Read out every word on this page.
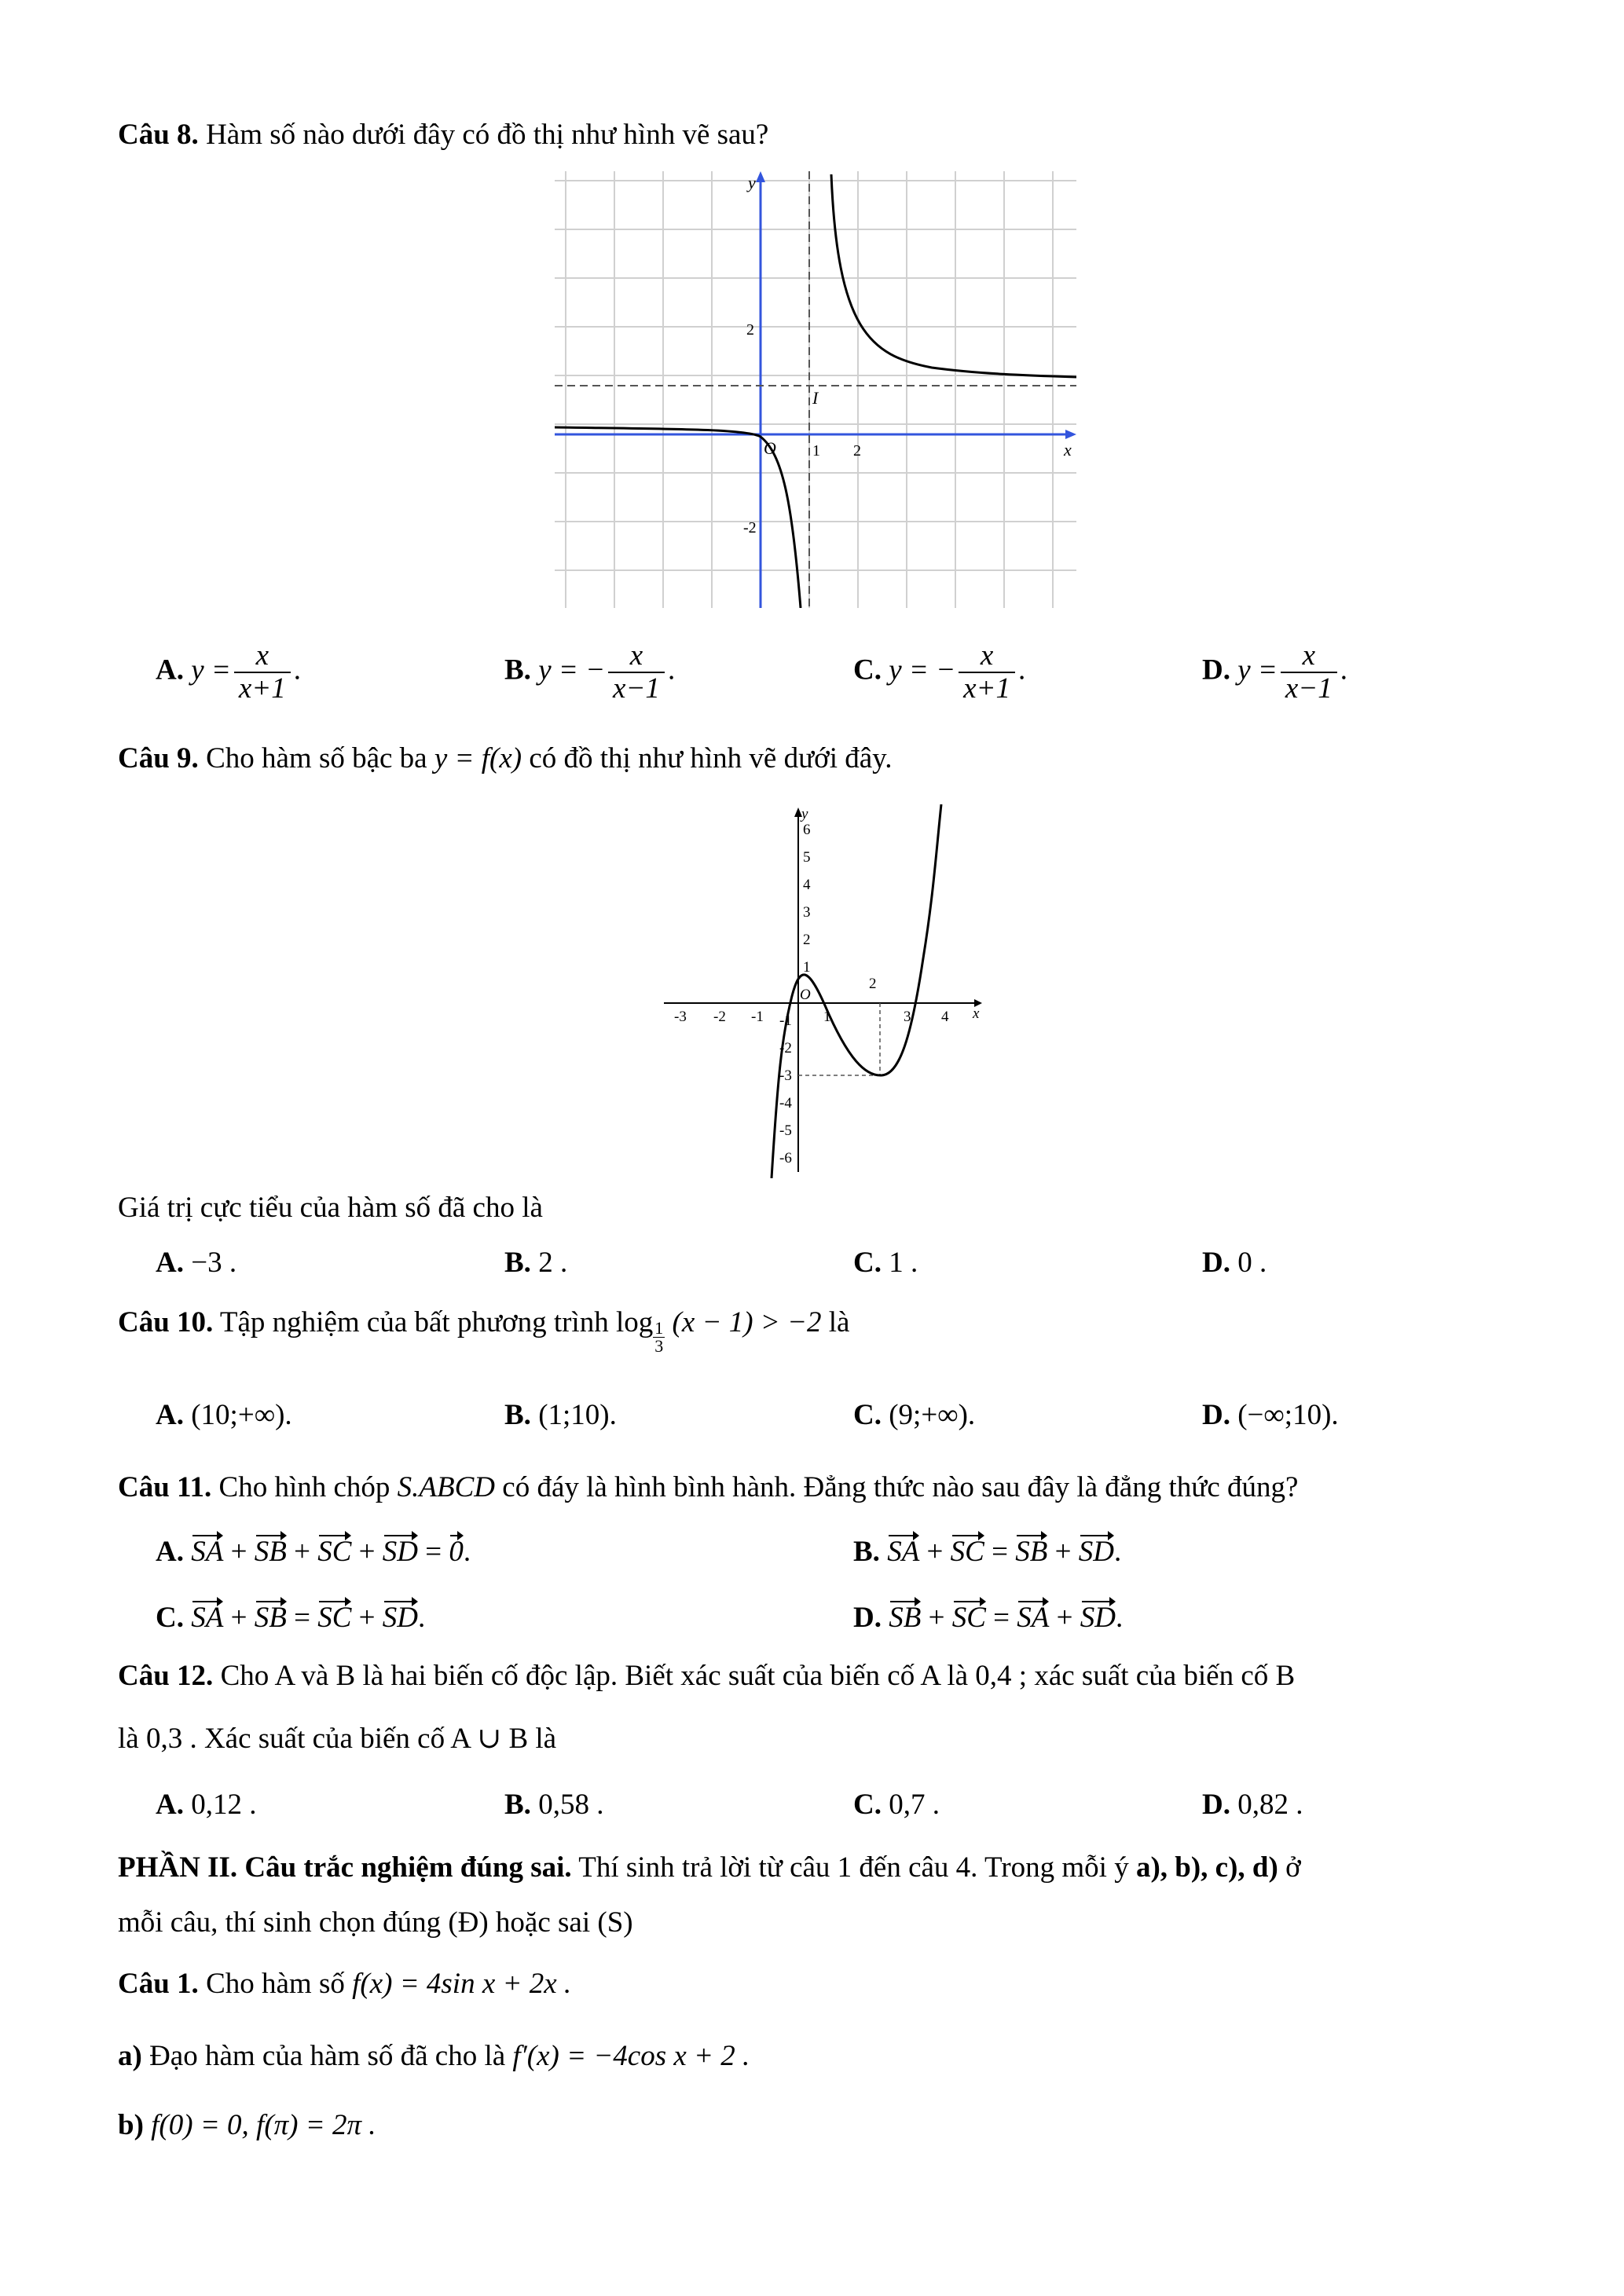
Câu 8. Hàm số nào dưới đây có đồ thị như hình vẽ sau?
y
x
O
I
2
-2
1 2
A. $y = \frac{x}{x+1}$ .	B. y = − $\frac{x}{x-1}$ .	C. y = − $\frac{x}{x+1}$ .	D. $y = \frac{x}{x-1}$ .
Câu 9. Cho hàm số bậc ba y = f(x) có đồ thị như hình vẽ dưới đây.
y
x
O
-3 -2 -1	1
2
3 4
6
5
4
3
2
1
-1
-2
-3
-4
-5
-6
Giá trị cực tiểu của hàm số đã cho là
A. −3 .	B. 2 .	C. 1 .	D. 0 .
Câu 10. Tập nghiệm của bất phương trình $\log \frac{1}{3} (x - 1) > -2$ là
A. (10;+∞).	B. (1;10).	C. (9;+∞).	D. (−∞;10).
Câu 11. Cho hình chóp S.ABCD có đáy là hình bình hành. Đẳng thức nào sau đây là đẳng thức đúng?
A. SA + SB + SC + SD = 0.	B. SA + SC = SB + SD.
C. SA + SB = SC + SD.	D. SB + SC = SA + SD.
Câu 12. Cho A và B là hai biến cố độc lập. Biết xác suất của biến cố A là 0,4 ; xác suất của biến cố B
là 0,3 . Xác suất của biến cố A ∪ B là
A. 0,12 .	B. 0,58 .	C. 0,7 .	D. 0,82 .
PHẦN II. Câu trắc nghiệm đúng sai. Thí sinh trả lời từ câu 1 đến câu 4. Trong mỗi ý a), b), c), d) ở
mỗi câu, thí sinh chọn đúng (Đ) hoặc sai (S)
Câu 1. Cho hàm số f(x) = 4sin x + 2x .
a) Đạo hàm của hàm số đã cho là f′(x) = −4cos x + 2 .
b) f(0) = 0, f(π) = 2π .
